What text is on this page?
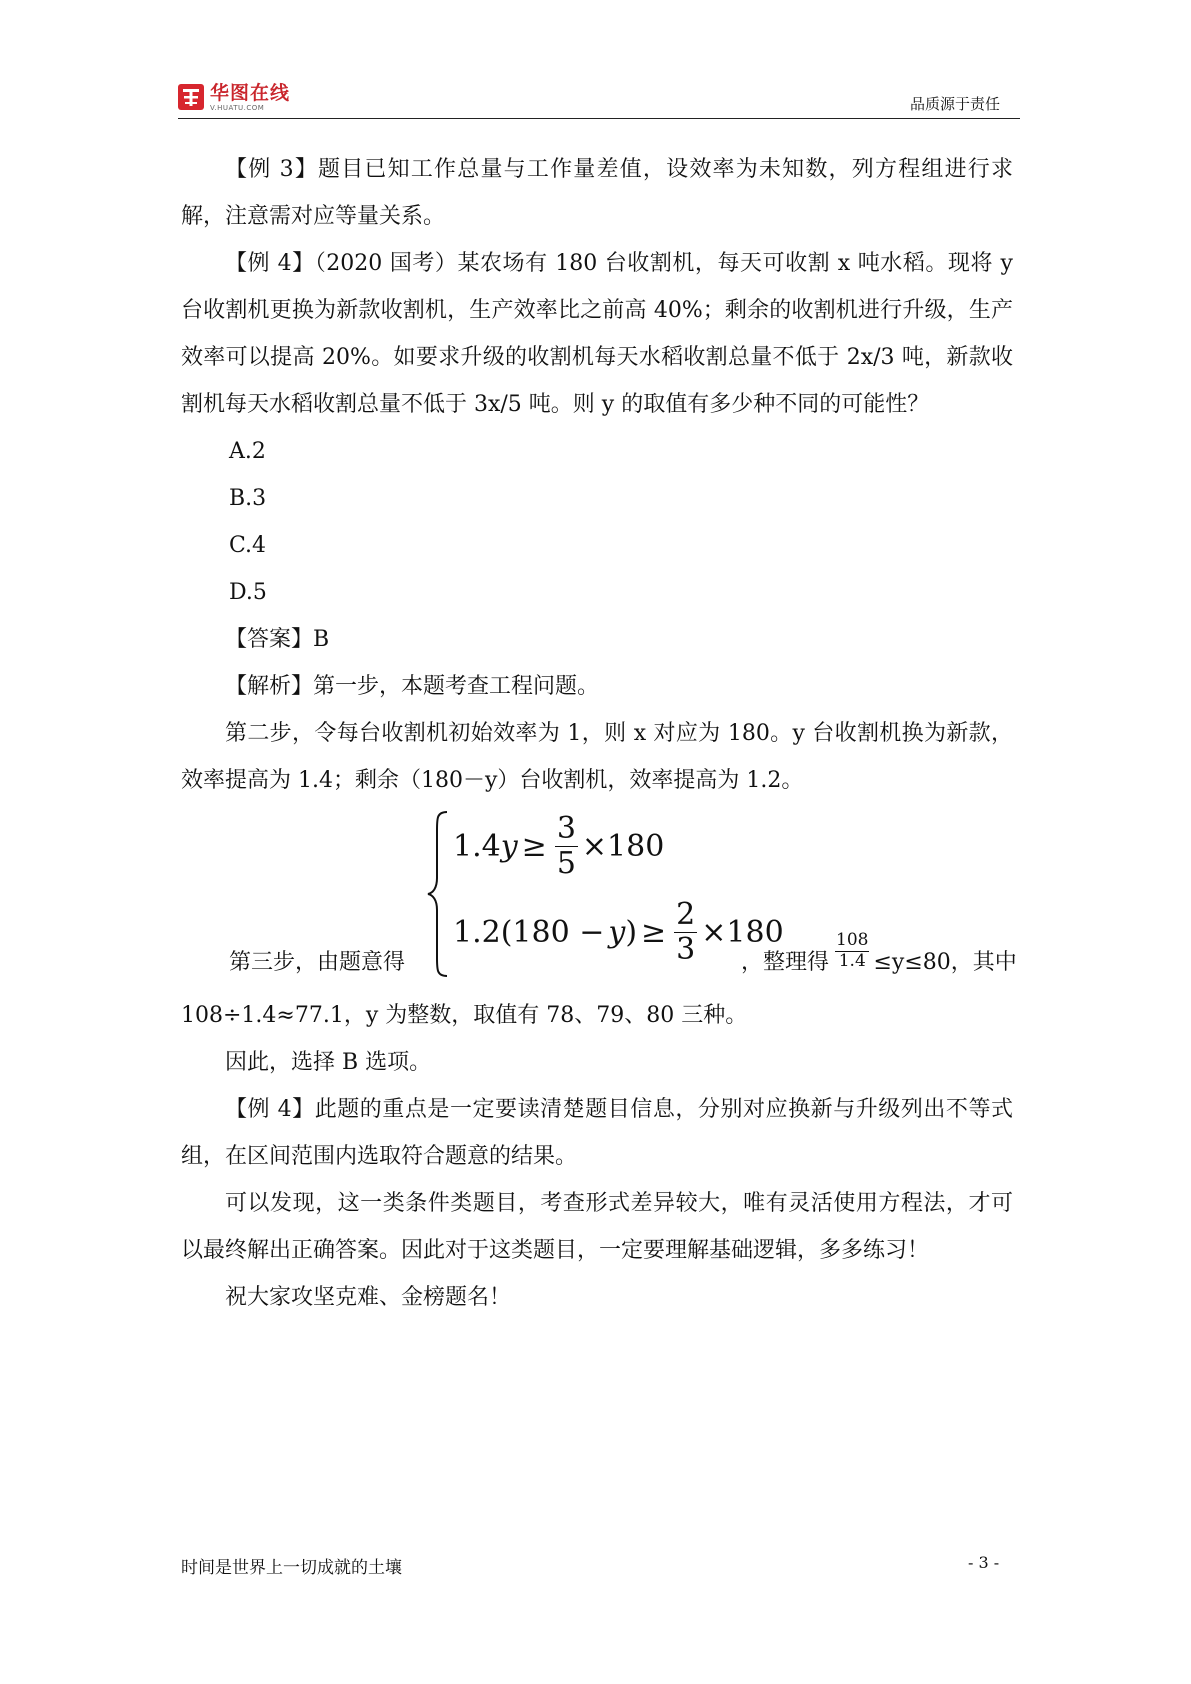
华图在线
V.HUATU.COM	品质源于责任

【例 3】题目已知工作总量与工作量差值，设效率为未知数，列方程组进行求解，注意需对应等量关系。

【例 4】（2020 国考）某农场有 180 台收割机，每天可收割 x 吨水稻。现将 y 台收割机更换为新款收割机，生产效率比之前高 40%；剩余的收割机进行升级，生产效率可以提高 20%。如要求升级的收割机每天水稻收割总量不低于 2x/3 吨，新款收割机每天水稻收割总量不低于 3x/5 吨。则 y 的取值有多少种不同的可能性？

A.2

B.3

C.4

D.5

【答案】B

【解析】第一步，本题考查工程问题。

第二步，令每台收割机初始效率为 1，则 x 对应为 180。y 台收割机换为新款，效率提高为 1.4；剩余（180－y）台收割机，效率提高为 1.2。

第三步，由题意得
1.4 $y \ge \frac{3}{5} \times 180$
1.2(180 − y ) ≥ $\frac{2}{3} \times 180$
，整理得 $\frac{108}{1.4} \le y\le 80$，其中

108÷1.4≈77.1，y 为整数，取值有 78、79、80 三种。

因此，选择 B 选项。

【例 4】此题的重点是一定要读清楚题目信息，分别对应换新与升级列出不等式组，在区间范围内选取符合题意的结果。

可以发现，这一类条件类题目，考查形式差异较大，唯有灵活使用方程法，才可以最终解出正确答案。因此对于这类题目，一定要理解基础逻辑，多多练习！

祝大家攻坚克难、金榜题名！

时间是世界上一切成就的土壤	- 3 -
